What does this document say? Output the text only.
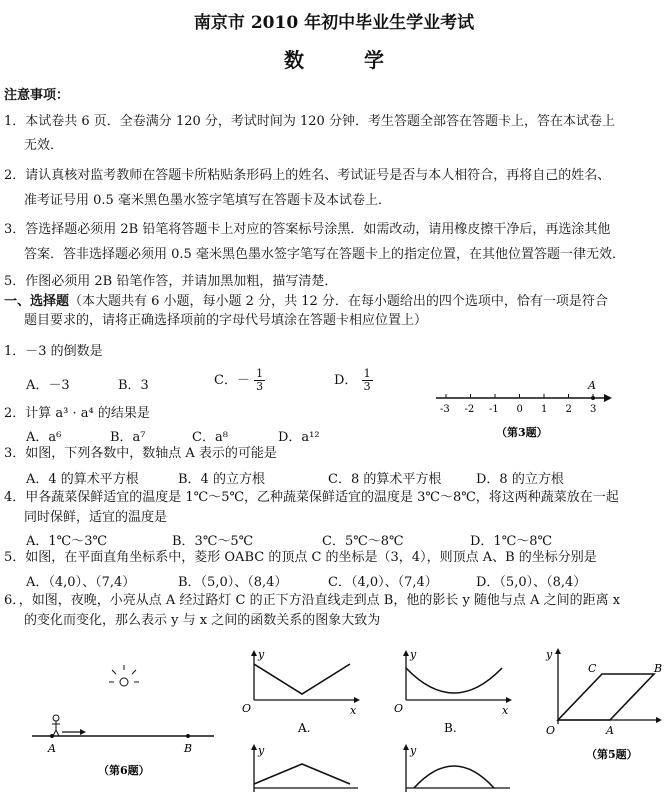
南京市 2010 年初中毕业生学业考试
数学
注意事项：
1．本试卷共 6 页．全卷满分 120 分，考试时间为 120 分钟．考生答题全部答在答题卡上，答在本试卷上
无效．
2．请认真核对监考教师在答题卡所粘贴条形码上的姓名、考试证号是否与本人相符合，再将自己的姓名、
准考证号用 0.5 毫米黑色墨水签字笔填写在答题卡及本试卷上．
3．答选择题必须用 2B 铅笔将答题卡上对应的答案标号涂黑．如需改动，请用橡皮擦干净后，再选涂其他
答案．答非选择题必须用 0.5 毫米黑色墨水签字笔写在答题卡上的指定位置，在其他位置答题一律无效．
5．作图必须用 2B 铅笔作答，并请加黑加粗，描写清楚．
一、选择题（本大题共有 6 小题，每小题 2 分，共 12 分．在每小题给出的四个选项中，恰有一项是符合
题目要求的，请将正确选择项前的字母代号填涂在答题卡相应位置上）
1．－3 的倒数是
A．－3	B．3	C．－ $\frac{1}{3}$	D． $\frac{1}{3}$
-3 -2 -1 0 1 2 3
A
（第3题）
2．计算 a³ · a⁴ 的结果是
A．a⁶	B．a⁷	C．a⁸	D．a¹²
3．如图，下列各数中，数轴点 A 表示的可能是
A．4 的算术平方根	B．4 的立方根	C．8 的算术平方根	D．8 的立方根
4．甲各蔬菜保鲜适宜的温度是 1℃～5℃，乙种蔬菜保鲜适宜的温度是 3℃～8℃，将这两种蔬菜放在一起
同时保鲜，适宜的温度是
A．1℃～3℃	B．3℃～5℃	C．5℃～8℃	D．1℃～8℃
5．如图，在平面直角坐标系中，菱形 OABC 的顶点 C 的坐标是（3，4），则顶点 A、B 的坐标分别是
A．（4,0）、（7,4）	B．（5,0）、（8,4）	C．（4,0）、（7,4）	D．（5,0）、（8,4）
6．，如图，夜晚，小亮从点 A 经过路灯 C 的正下方沿直线走到点 B，他的影长 y 随他与点 A 之间的距离 x
的变化而变化，那么表示 y 与 x 之间的函数关系的图象大致为
A	B
（第6题）
y
x
O
A.
y
x
O
B.
y	y
y
O	A
B
C
（第5题）
